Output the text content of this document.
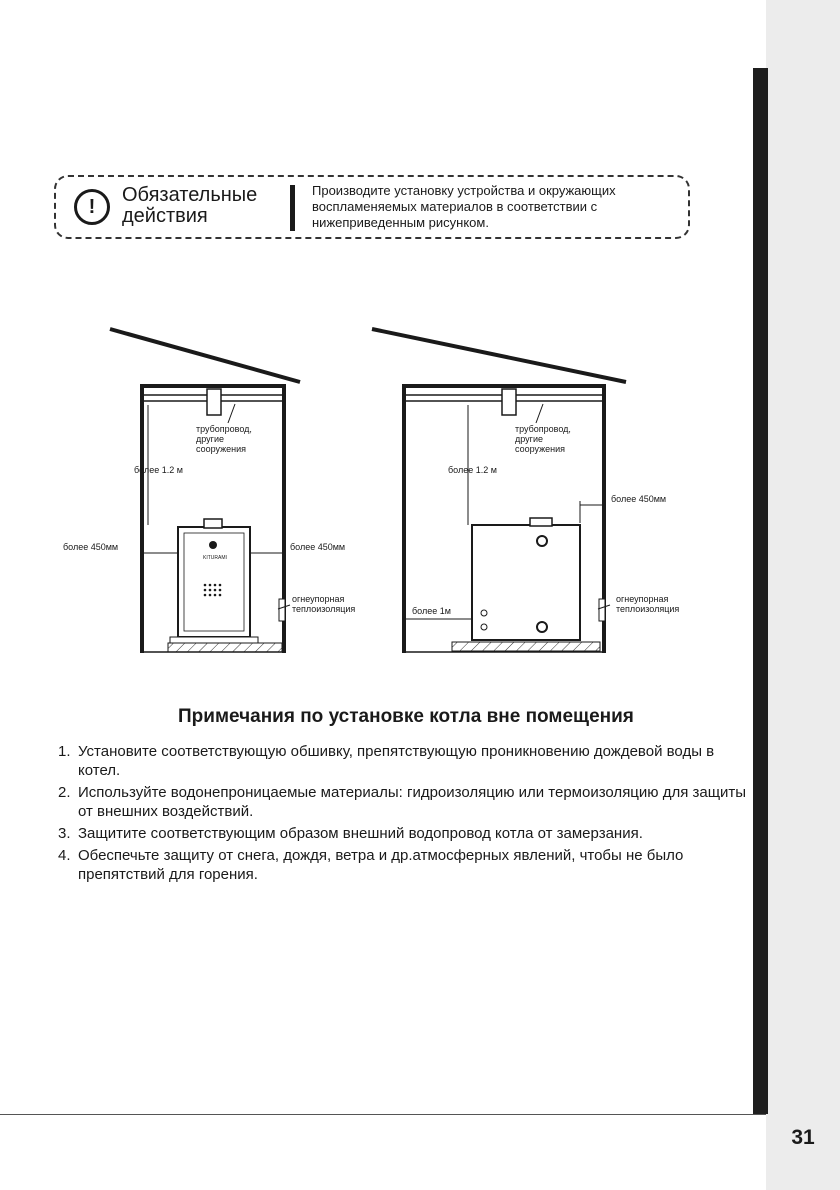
31
!
Обязательные действия
Производите установку устройства и окружающих воспламеняемых материалов в соответствии с нижеприведенным рисунком.
трубопровод, другие сооружения
более 1.2 м
KITURAMI
более 450мм	более 450мм
огнеупорная теплоизоляция
трубопровод, другие сооружения
более 1.2 м
более 450мм
более 1м
огнеупорная теплоизоляция
Примечания по установке котла вне помещения
1. Установите соответствующую обшивку, препятствующую проникновению дождевой воды в котел.
2. Используйте водонепроницаемые материалы: гидроизоляцию или термоизоляцию для защиты от внешних воздействий.
3. Защитите соответствующим образом внешний водопровод котла от замерзания.
4. Обеспечьте защиту от снега, дождя, ветра и др.атмосферных явлений, чтобы не было препятствий для горения.
